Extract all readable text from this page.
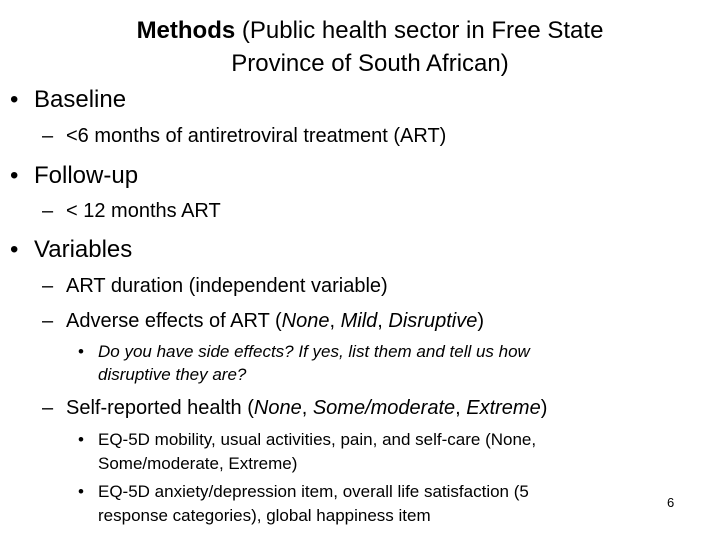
Methods (Public health sector in Free State
Province of South African)
• Baseline
– <6 months of antiretroviral treatment (ART)
• Follow-up
– < 12 months ART
• Variables
– ART duration (independent variable)
– Adverse effects of ART (None, Mild, Disruptive)
• Do you have side effects? If yes, list them and tell us how
disruptive they are?
– Self-reported health (None, Some/moderate, Extreme)
• EQ-5D mobility, usual activities, pain, and self-care (None,
Some/moderate, Extreme)
• EQ-5D anxiety/depression item, overall life satisfaction (5
response categories), global happiness item
6
